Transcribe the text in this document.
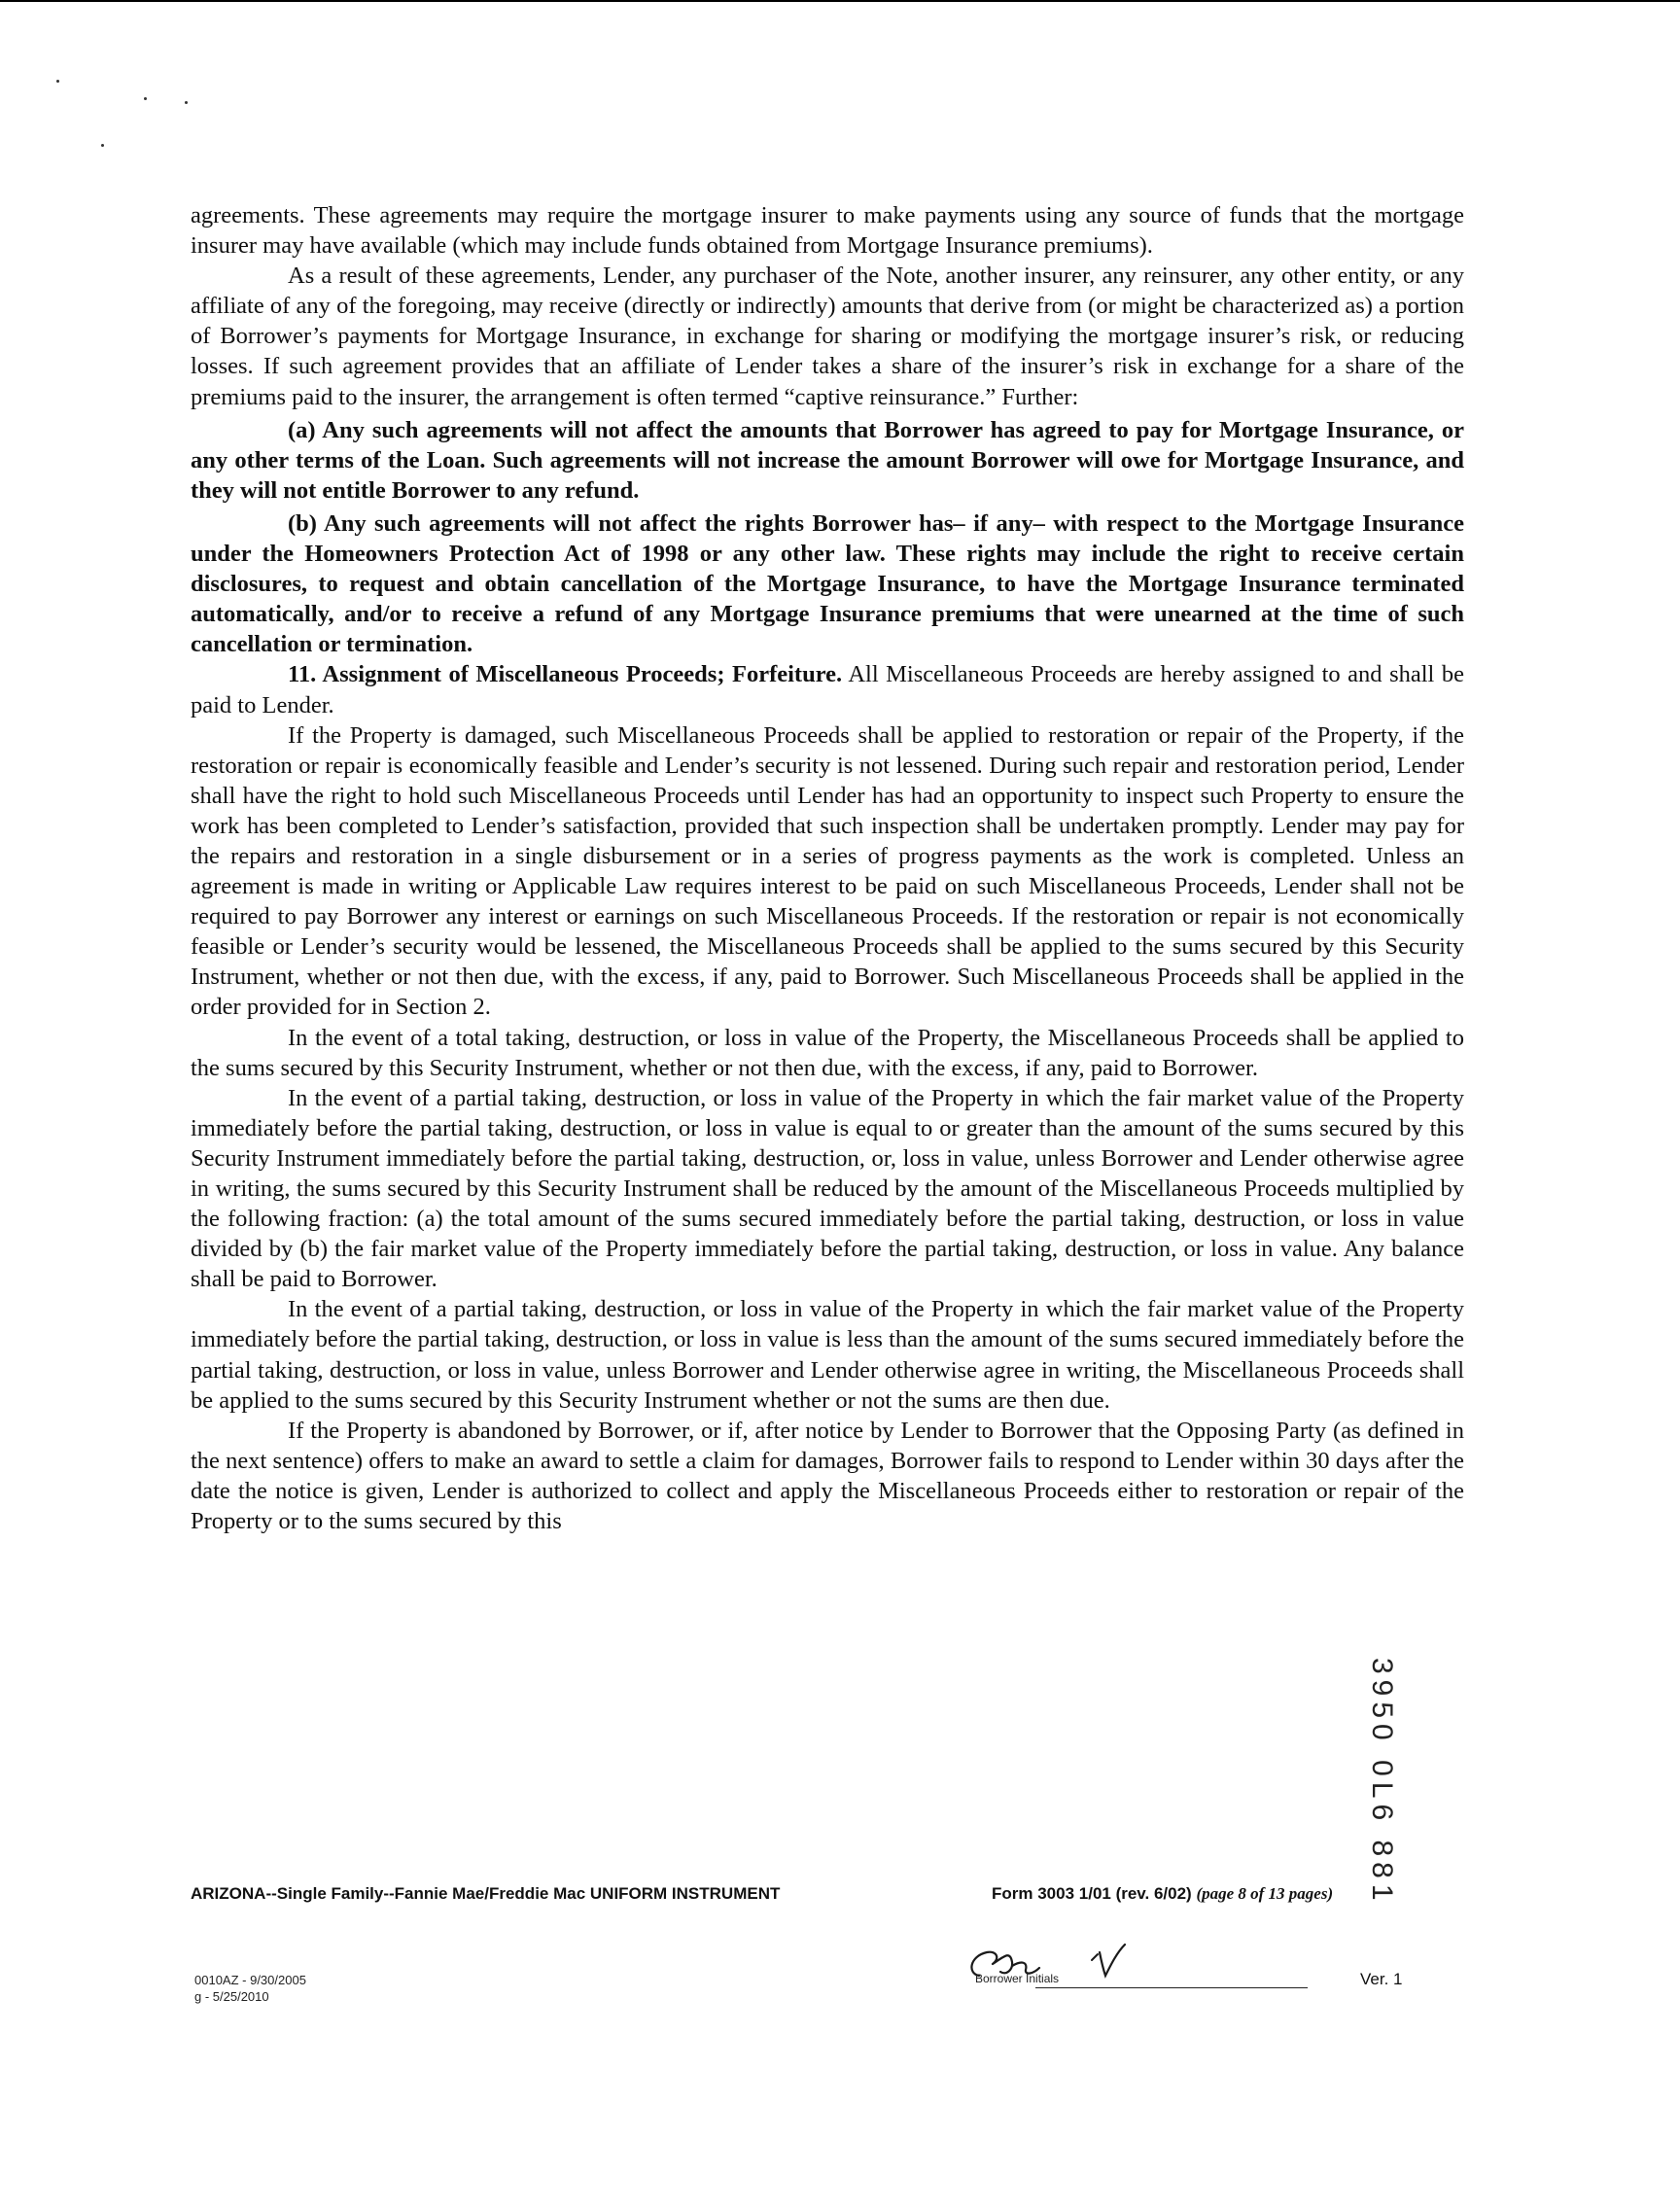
agreements. These agreements may require the mortgage insurer to make payments using any source of funds that the mortgage insurer may have available (which may include funds obtained from Mortgage Insurance premiums).

As a result of these agreements, Lender, any purchaser of the Note, another insurer, any reinsurer, any other entity, or any affiliate of any of the foregoing, may receive (directly or indirectly) amounts that derive from (or might be characterized as) a portion of Borrower’s payments for Mortgage Insurance, in exchange for sharing or modifying the mortgage insurer’s risk, or reducing losses. If such agreement provides that an affiliate of Lender takes a share of the insurer’s risk in exchange for a share of the premiums paid to the insurer, the arrangement is often termed “captive reinsurance.” Further:

(a) Any such agreements will not affect the amounts that Borrower has agreed to pay for Mortgage Insurance, or any other terms of the Loan. Such agreements will not increase the amount Borrower will owe for Mortgage Insurance, and they will not entitle Borrower to any refund.

(b) Any such agreements will not affect the rights Borrower has– if any– with respect to the Mortgage Insurance under the Homeowners Protection Act of 1998 or any other law. These rights may include the right to receive certain disclosures, to request and obtain cancellation of the Mortgage Insurance, to have the Mortgage Insurance terminated automatically, and/or to receive a refund of any Mortgage Insurance premiums that were unearned at the time of such cancellation or termination.

11. Assignment of Miscellaneous Proceeds; Forfeiture. All Miscellaneous Proceeds are hereby assigned to and shall be paid to Lender.

If the Property is damaged, such Miscellaneous Proceeds shall be applied to restoration or repair of the Property, if the restoration or repair is economically feasible and Lender’s security is not lessened. During such repair and restoration period, Lender shall have the right to hold such Miscellaneous Proceeds until Lender has had an opportunity to inspect such Property to ensure the work has been completed to Lender’s satisfaction, provided that such inspection shall be undertaken promptly. Lender may pay for the repairs and restoration in a single disbursement or in a series of progress payments as the work is completed. Unless an agreement is made in writing or Applicable Law requires interest to be paid on such Miscellaneous Proceeds, Lender shall not be required to pay Borrower any interest or earnings on such Miscellaneous Proceeds. If the restoration or repair is not economically feasible or Lender’s security would be lessened, the Miscellaneous Proceeds shall be applied to the sums secured by this Security Instrument, whether or not then due, with the excess, if any, paid to Borrower. Such Miscellaneous Proceeds shall be applied in the order provided for in Section 2.

In the event of a total taking, destruction, or loss in value of the Property, the Miscellaneous Proceeds shall be applied to the sums secured by this Security Instrument, whether or not then due, with the excess, if any, paid to Borrower.

In the event of a partial taking, destruction, or loss in value of the Property in which the fair market value of the Property immediately before the partial taking, destruction, or loss in value is equal to or greater than the amount of the sums secured by this Security Instrument immediately before the partial taking, destruction, or, loss in value, unless Borrower and Lender otherwise agree in writing, the sums secured by this Security Instrument shall be reduced by the amount of the Miscellaneous Proceeds multiplied by the following fraction: (a) the total amount of the sums secured immediately before the partial taking, destruction, or loss in value divided by (b) the fair market value of the Property immediately before the partial taking, destruction, or loss in value. Any balance shall be paid to Borrower.

In the event of a partial taking, destruction, or loss in value of the Property in which the fair market value of the Property immediately before the partial taking, destruction, or loss in value is less than the amount of the sums secured immediately before the partial taking, destruction, or loss in value, unless Borrower and Lender otherwise agree in writing, the Miscellaneous Proceeds shall be applied to the sums secured by this Security Instrument whether or not the sums are then due.

If the Property is abandoned by Borrower, or if, after notice by Lender to Borrower that the Opposing Party (as defined in the next sentence) offers to make an award to settle a claim for damages, Borrower fails to respond to Lender within 30 days after the date the notice is given, Lender is authorized to collect and apply the Miscellaneous Proceeds either to restoration or repair of the Property or to the sums secured by this

3950 0L6 881
ARIZONA--Single Family--Fannie Mae/Freddie Mac UNIFORM INSTRUMENT	Form 3003 1/01 (rev. 6/02) (page 8 of 13 pages)
0010AZ - 9/30/2005
g - 5/25/2010
Borrower Initials	Ver. 1
